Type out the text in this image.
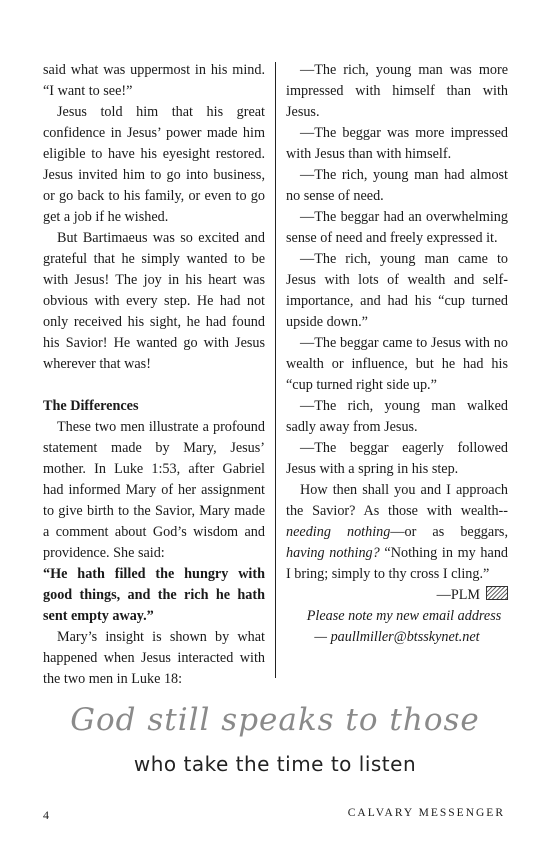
said what was uppermost in his mind. “I want to see!”

Jesus told him that his great confidence in Jesus’ power made him eligible to have his eyesight restored. Jesus invited him to go into business, or go back to his family, or even to go get a job if he wished.

But Bartimaeus was so excited and grateful that he simply wanted to be with Jesus! The joy in his heart was obvious with every step. He had not only received his sight, he had found his Savior! He wanted go with Jesus wherever that was!

The Differences

These two men illustrate a profound statement made by Mary, Jesus’ mother. In Luke 1:53, after Gabriel had informed Mary of her assignment to give birth to the Savior, Mary made a comment about God’s wisdom and providence. She said:

“He hath filled the hungry with good things, and the rich he hath sent empty away.”

Mary’s insight is shown by what happened when Jesus interacted with the two men in Luke 18:

—The rich, young man was more impressed with himself than with Jesus.

—The beggar was more impressed with Jesus than with himself.

—The rich, young man had almost no sense of need.

—The beggar had an overwhelming sense of need and freely expressed it.

—The rich, young man came to Jesus with lots of wealth and self-importance, and had his “cup turned upside down.”

—The beggar came to Jesus with no wealth or influence, but he had his “cup turned right side up.”

—The rich, young man walked sadly away from Jesus.

—The beggar eagerly followed Jesus with a spring in his step.

How then shall you and I approach the Savior? As those with wealth-- needing nothing—or as beggars, having nothing? “Nothing in my hand I bring; simply to thy cross I cling.”

—PLM

Please note my new email address — paullmiller@btsskynet.net

God still speaks to those
who take the time to listen
4	CALVARY MESSENGER
